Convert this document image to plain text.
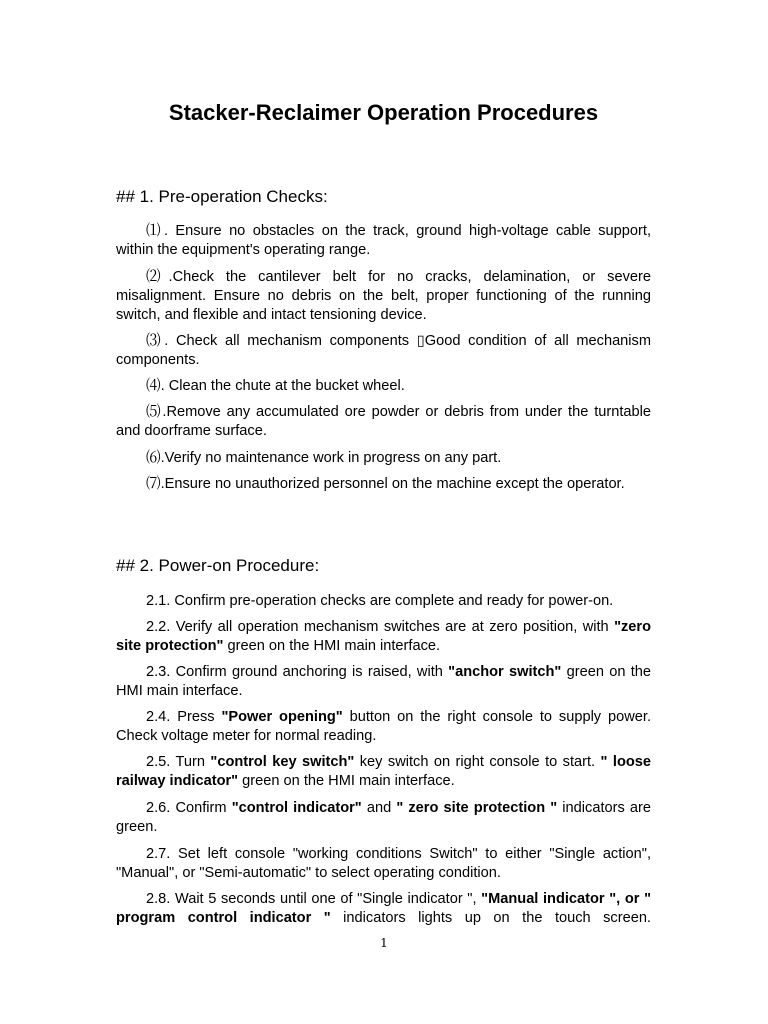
Stacker-Reclaimer Operation Procedures
## 1. Pre-operation Checks:

⑴. Ensure no obstacles on the track, ground high-voltage cable support, within the equipment's operating range.

⑵.Check the cantilever belt for no cracks, delamination, or severe misalignment. Ensure no debris on the belt, proper functioning of the running switch, and flexible and intact tensioning device.

⑶. Check all mechanism components ▯Good condition of all mechanism components.

⑷. Clean the chute at the bucket wheel.

⑸.Remove any accumulated ore powder or debris from under the turntable and doorframe surface.

⑹.Verify no maintenance work in progress on any part.

⑺.Ensure no unauthorized personnel on the machine except the operator.

## 2. Power-on Procedure:

2.1. Confirm pre-operation checks are complete and ready for power-on.

2.2. Verify all operation mechanism switches are at zero position, with "zero site protection" green on the HMI main interface.

2.3. Confirm ground anchoring is raised, with "anchor switch" green on the HMI main interface.

2.4. Press "Power opening" button on the right console to supply power. Check voltage meter for normal reading.

2.5. Turn "control key switch" key switch on right console to start. " loose railway indicator" green on the HMI main interface.

2.6. Confirm "control indicator" and " zero site protection " indicators are green.

2.7. Set left console "working conditions Switch" to either "Single action", "Manual", or "Semi-automatic" to select operating condition.

2.8. Wait 5 seconds until one of "Single indicator ", "Manual indicator ", or " program control indicator " indicators lights up on the touch screen.

1
